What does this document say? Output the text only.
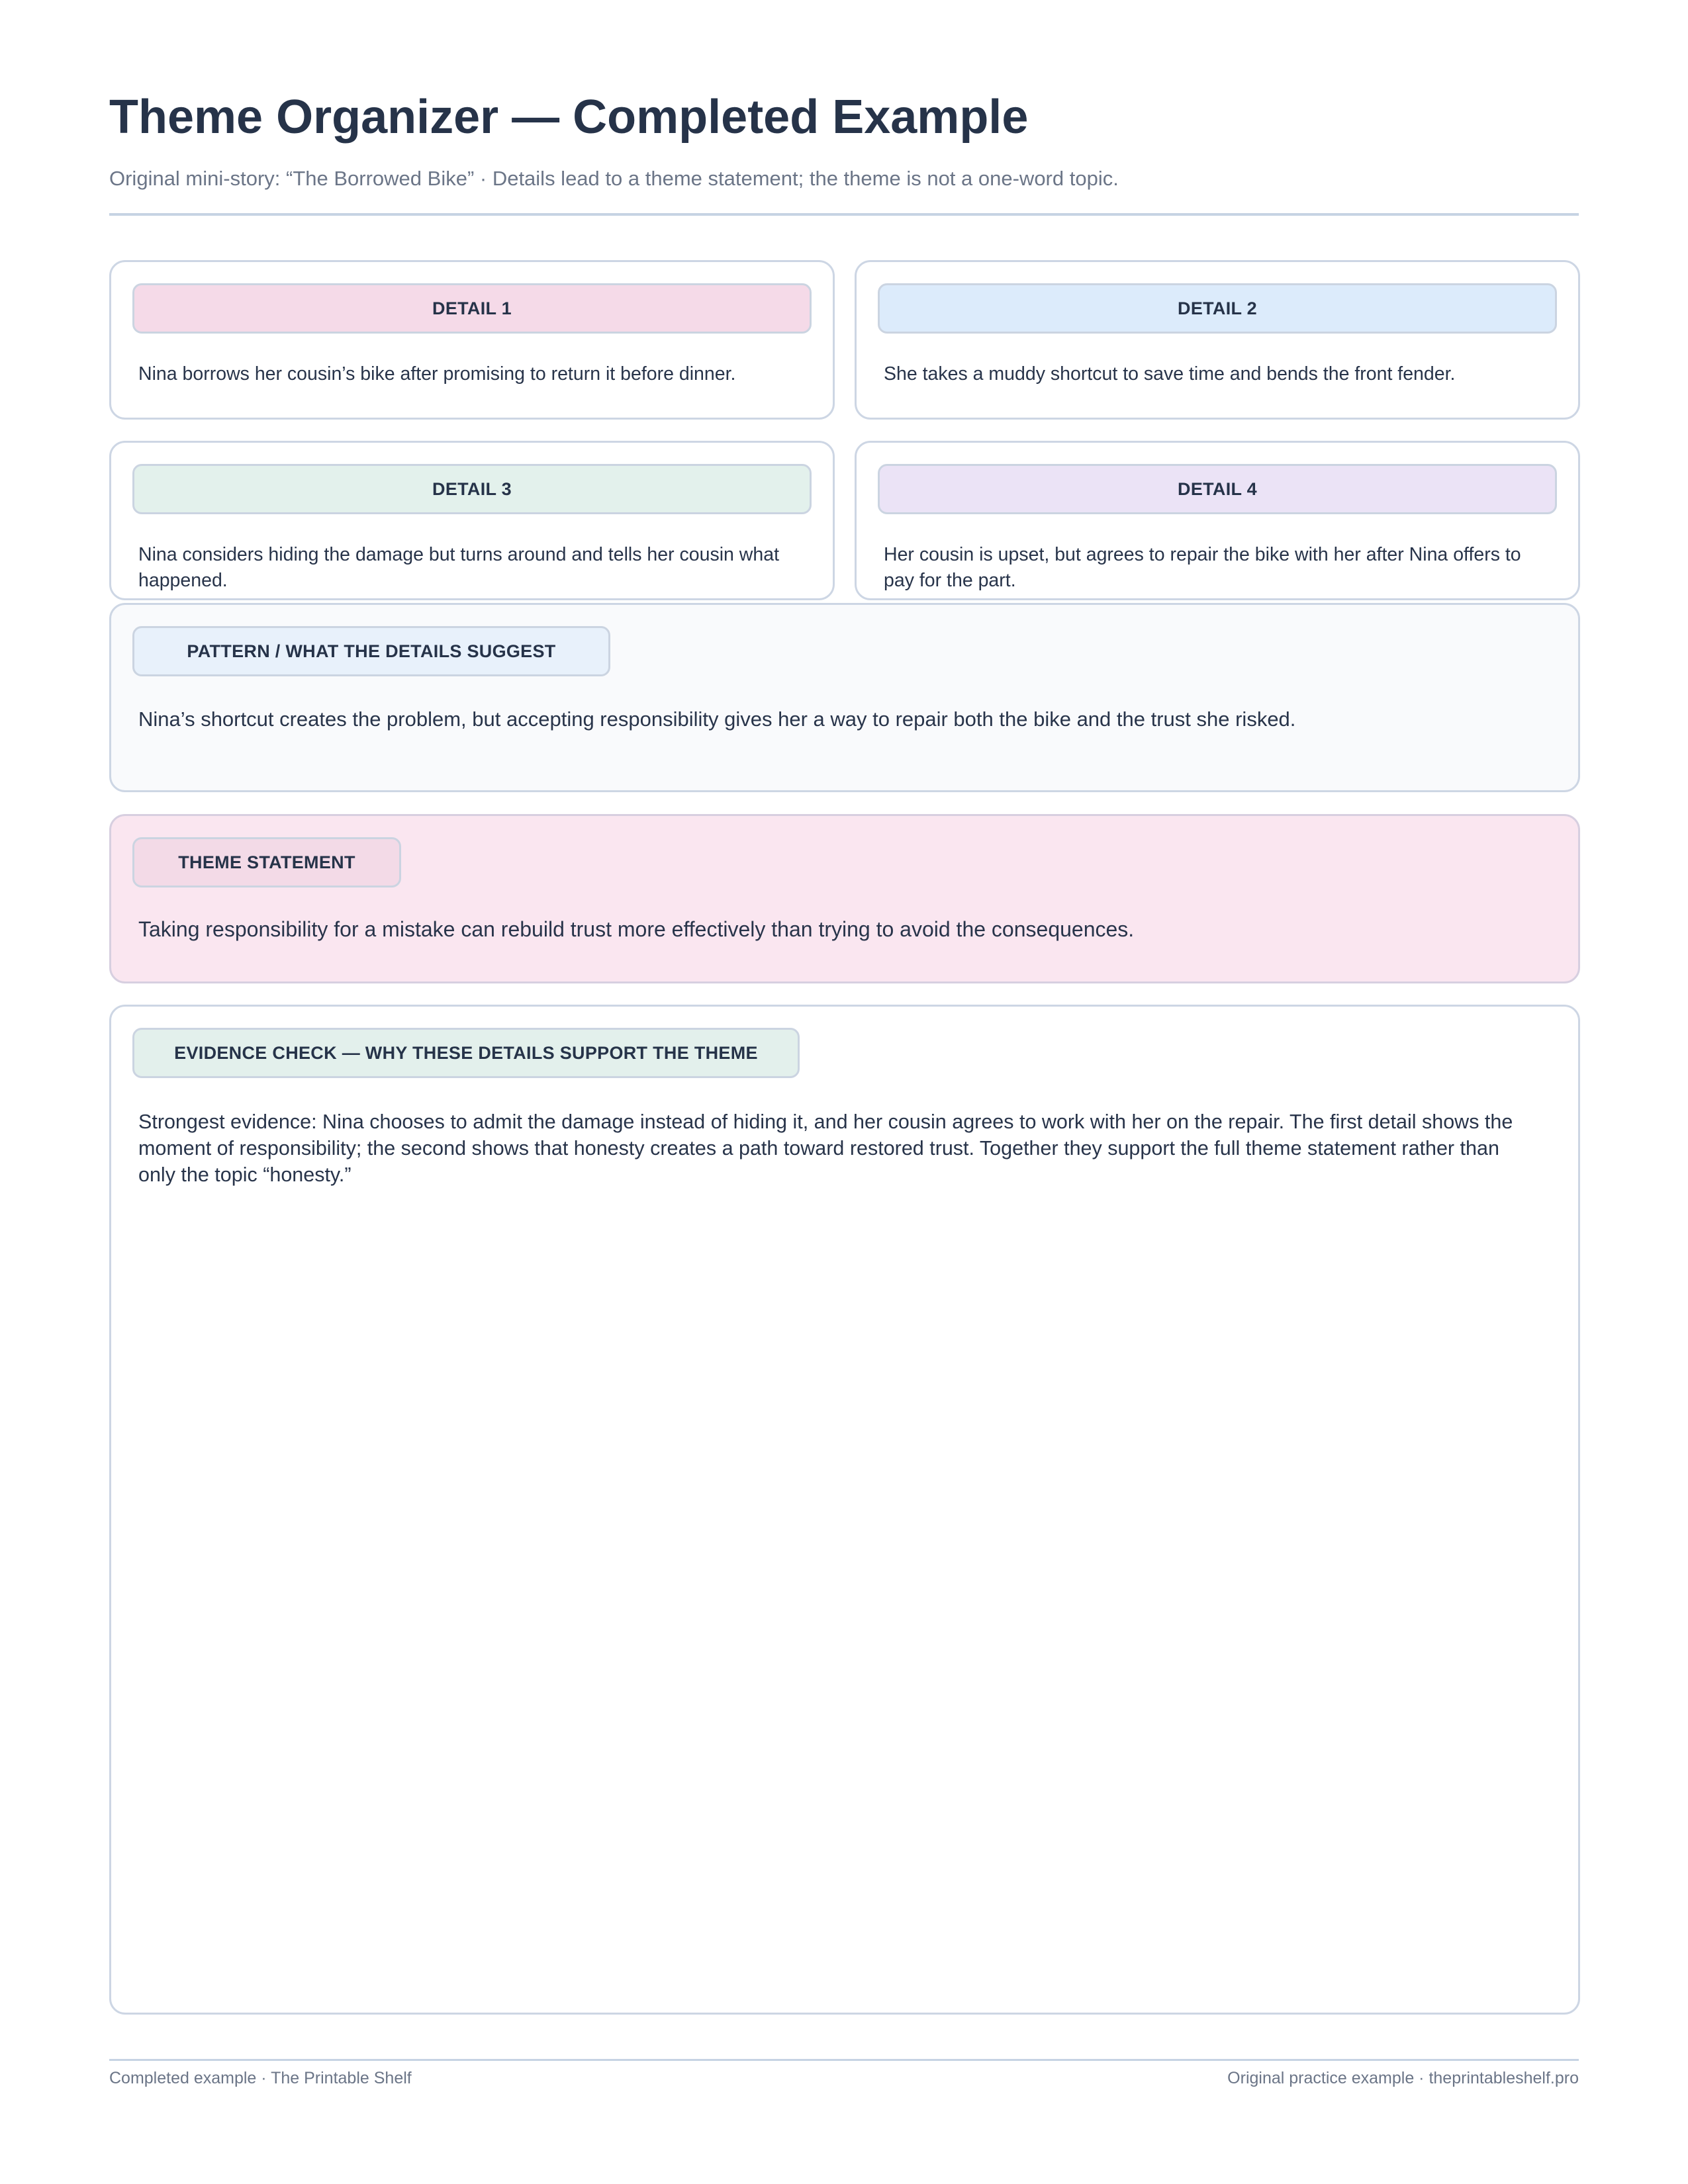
Theme Organizer — Completed Example
Original mini-story: “The Borrowed Bike” · Details lead to a theme statement; the theme is not a one-word topic.
DETAIL 1
Nina borrows her cousin’s bike after promising to return it before dinner.
DETAIL 2
She takes a muddy shortcut to save time and bends the front fender.
DETAIL 3
Nina considers hiding the damage but turns around and tells her cousin what happened.
DETAIL 4
Her cousin is upset, but agrees to repair the bike with her after Nina offers to pay for the part.
PATTERN / WHAT THE DETAILS SUGGEST
Nina’s shortcut creates the problem, but accepting responsibility gives her a way to repair both the bike and the trust she risked.
THEME STATEMENT
Taking responsibility for a mistake can rebuild trust more effectively than trying to avoid the consequences.
EVIDENCE CHECK — WHY THESE DETAILS SUPPORT THE THEME
Strongest evidence: Nina chooses to admit the damage instead of hiding it, and her cousin agrees to work with her on the repair. The first detail shows the moment of responsibility; the second shows that honesty creates a path toward restored trust. Together they support the full theme statement rather than only the topic “honesty.”
Completed example · The Printable Shelf	Original practice example · theprintableshelf.pro
